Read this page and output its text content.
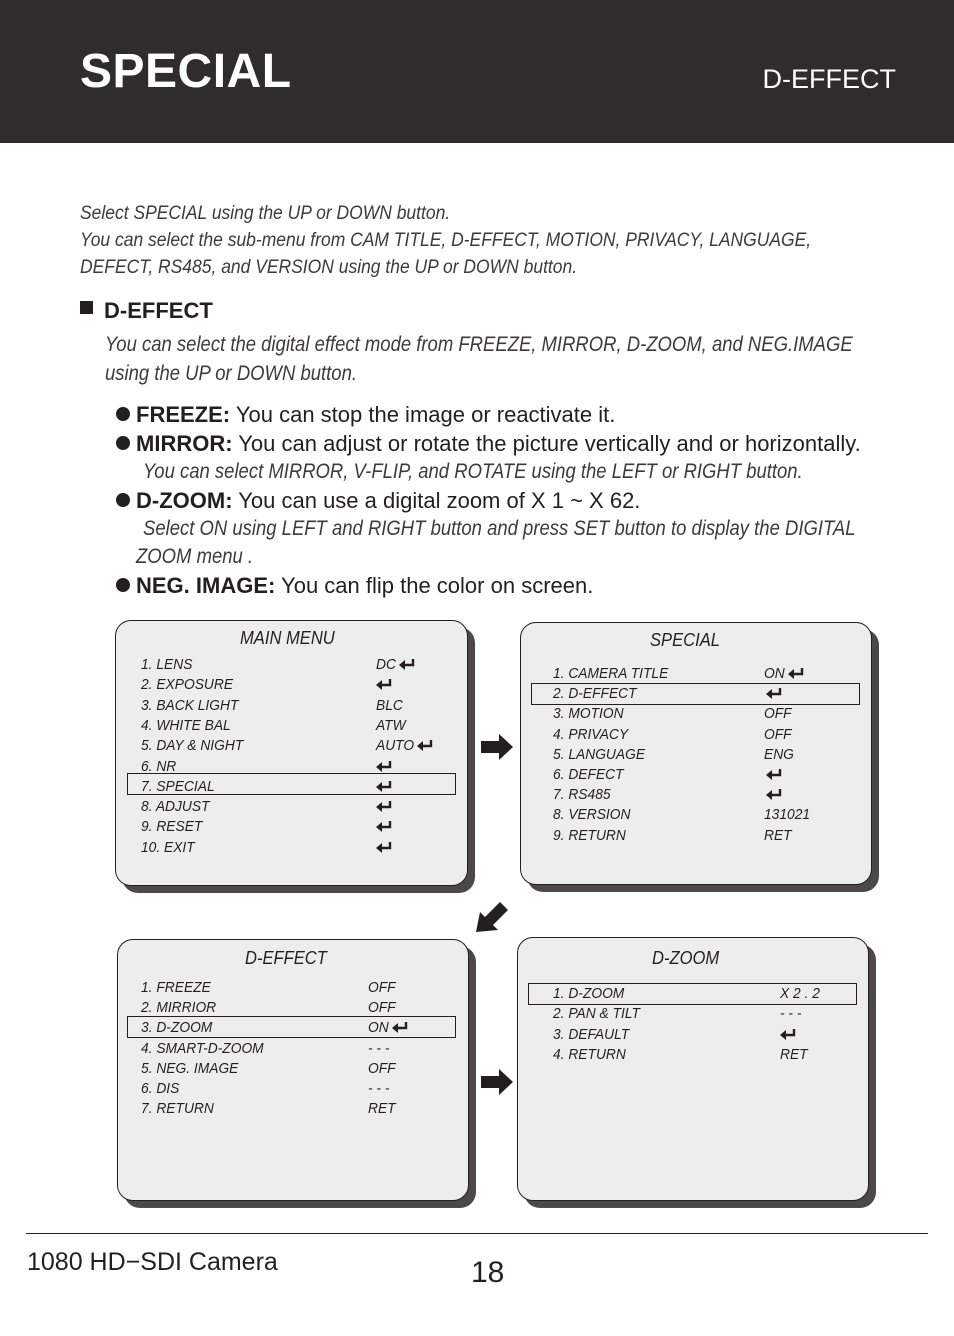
SPECIAL	D-EFFECT
Select SPECIAL using the UP or DOWN button.
You can select the sub-menu from CAM TITLE, D-EFFECT, MOTION, PRIVACY, LANGUAGE,
DEFECT, RS485, and VERSION using the UP or DOWN button.
D-EFFECT
You can select the digital effect mode from FREEZE, MIRROR, D-ZOOM, and NEG.IMAGE
using the UP or DOWN button.
FREEZE: You can stop the image or reactivate it.
MIRROR: You can adjust or rotate the picture vertically and or horizontally.
You can select MIRROR, V-FLIP, and ROTATE using the LEFT or RIGHT button.
D-ZOOM: You can use a digital zoom of X 1 ~ X 62.
Select ON using LEFT and RIGHT button and press SET button to display the DIGITAL
ZOOM menu .
NEG. IMAGE: You can flip the color on screen.
MAIN MENU
1. LENS	DC
2. EXPOSURE
3. BACK LIGHT	BLC
4. WHITE BAL	ATW
5. DAY & NIGHT	AUTO
6. NR
7. SPECIAL
8. ADJUST
9. RESET
10. EXIT
SPECIAL
1. CAMERA TITLE	ON
2. D-EFFECT
3. MOTION	OFF
4. PRIVACY	OFF
5. LANGUAGE	ENG
6. DEFECT
7. RS485
8. VERSION	131021
9. RETURN	RET
D-EFFECT
1. FREEZE	OFF
2. MIRRIOR	OFF
3. D-ZOOM	ON
4. SMART-D-ZOOM	- - -
5. NEG. IMAGE	OFF
6. DIS	- - -
7. RETURN	RET
D-ZOOM
1. D-ZOOM	X 2 . 2
2. PAN & TILT	- - -
3. DEFAULT
4. RETURN	RET
1080 HD−SDI Camera	18
